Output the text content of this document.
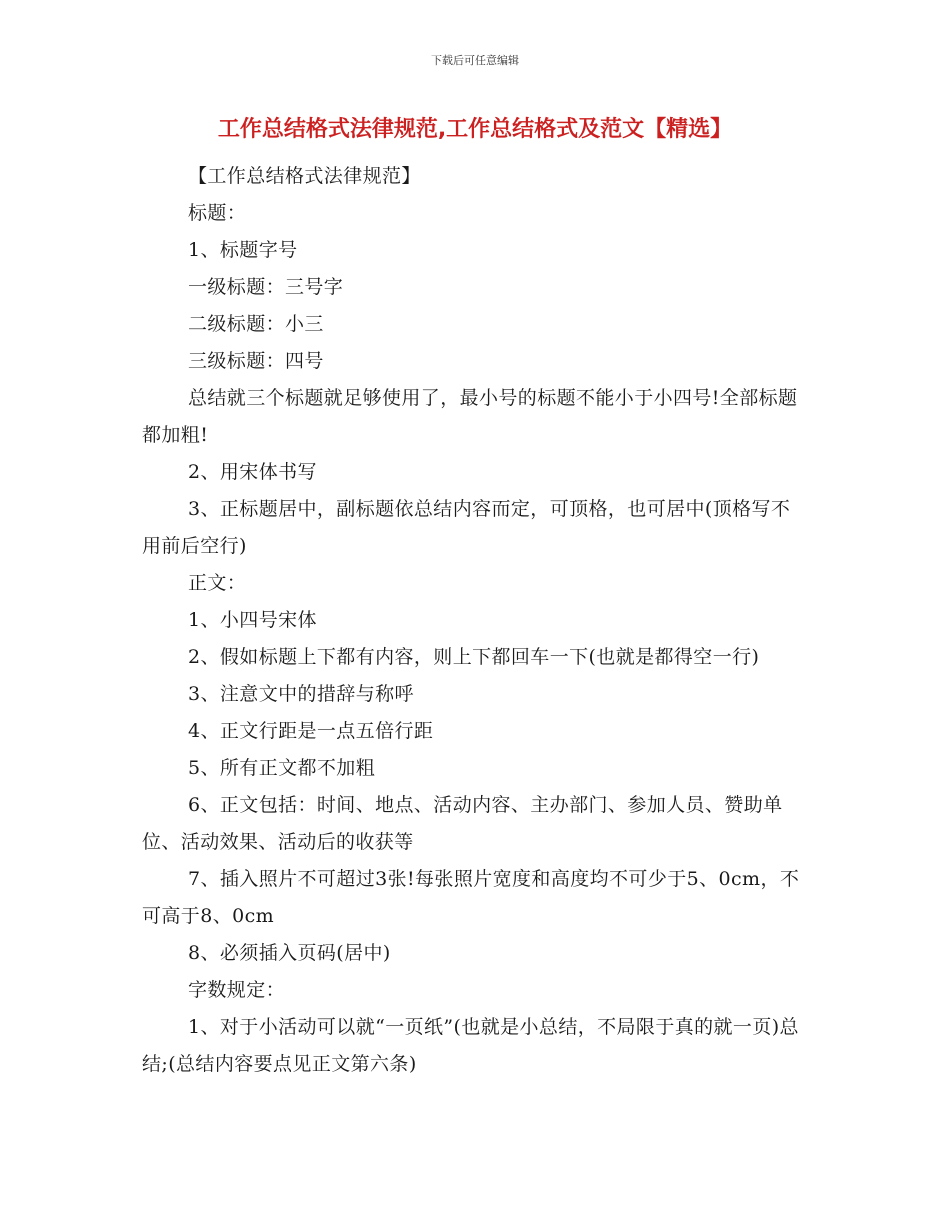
下载后可任意编辑
工作总结格式法律规范,工作总结格式及范文【精选】

【工作总结格式法律规范】

标题：

1、标题字号

一级标题：三号字

二级标题：小三

三级标题：四号

总结就三个标题就足够使用了，最小号的标题不能小于小四号!全部标题都加粗!

2、用宋体书写

3、正标题居中，副标题依总结内容而定，可顶格，也可居中(顶格写不用前后空行)

正文：

1、小四号宋体

2、假如标题上下都有内容，则上下都回车一下(也就是都得空一行)

3、注意文中的措辞与称呼

4、正文行距是一点五倍行距

5、所有正文都不加粗

6、正文包括：时间、地点、活动内容、主办部门、参加人员、赞助单位、活动效果、活动后的收获等

7、插入照片不可超过3张!每张照片宽度和高度均不可少于5、0cm，不可高于8、0cm

8、必须插入页码(居中)

字数规定：

1、对于小活动可以就“一页纸”(也就是小总结，不局限于真的就一页)总结;(总结内容要点见正文第六条)
